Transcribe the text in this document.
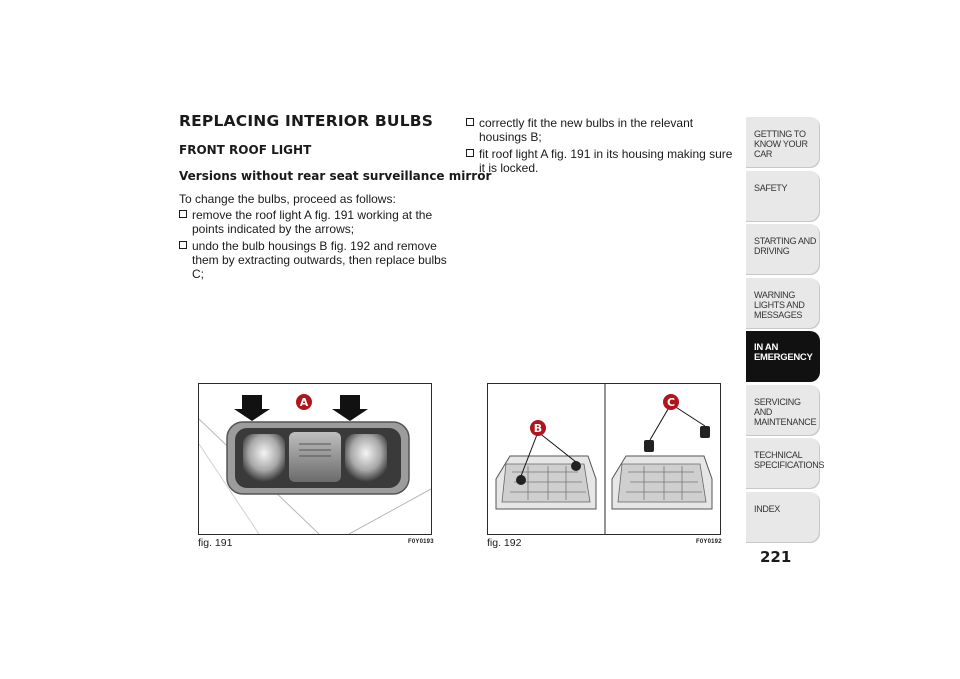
REPLACING INTERIOR BULBS
FRONT ROOF LIGHT
Versions without rear seat surveillance mirror
To change the bulbs, proceed as follows:
remove the roof light A fig. 191 working at the points indicated by the arrows;
undo the bulb housings B fig. 192 and remove them by extracting outwards, then replace bulbs C;
correctly fit the new bulbs in the relevant housings B;
fit roof light A fig. 191 in its housing making sure it is locked.
A
fig. 191	F0Y0193
B
C
fig. 192	F0Y0192
GETTING TO KNOW YOUR CAR
SAFETY
STARTING AND DRIVING
WARNING LIGHTS AND MESSAGES
IN AN EMERGENCY
SERVICING AND MAINTENANCE
TECHNICAL SPECIFICATIONS
INDEX
221
